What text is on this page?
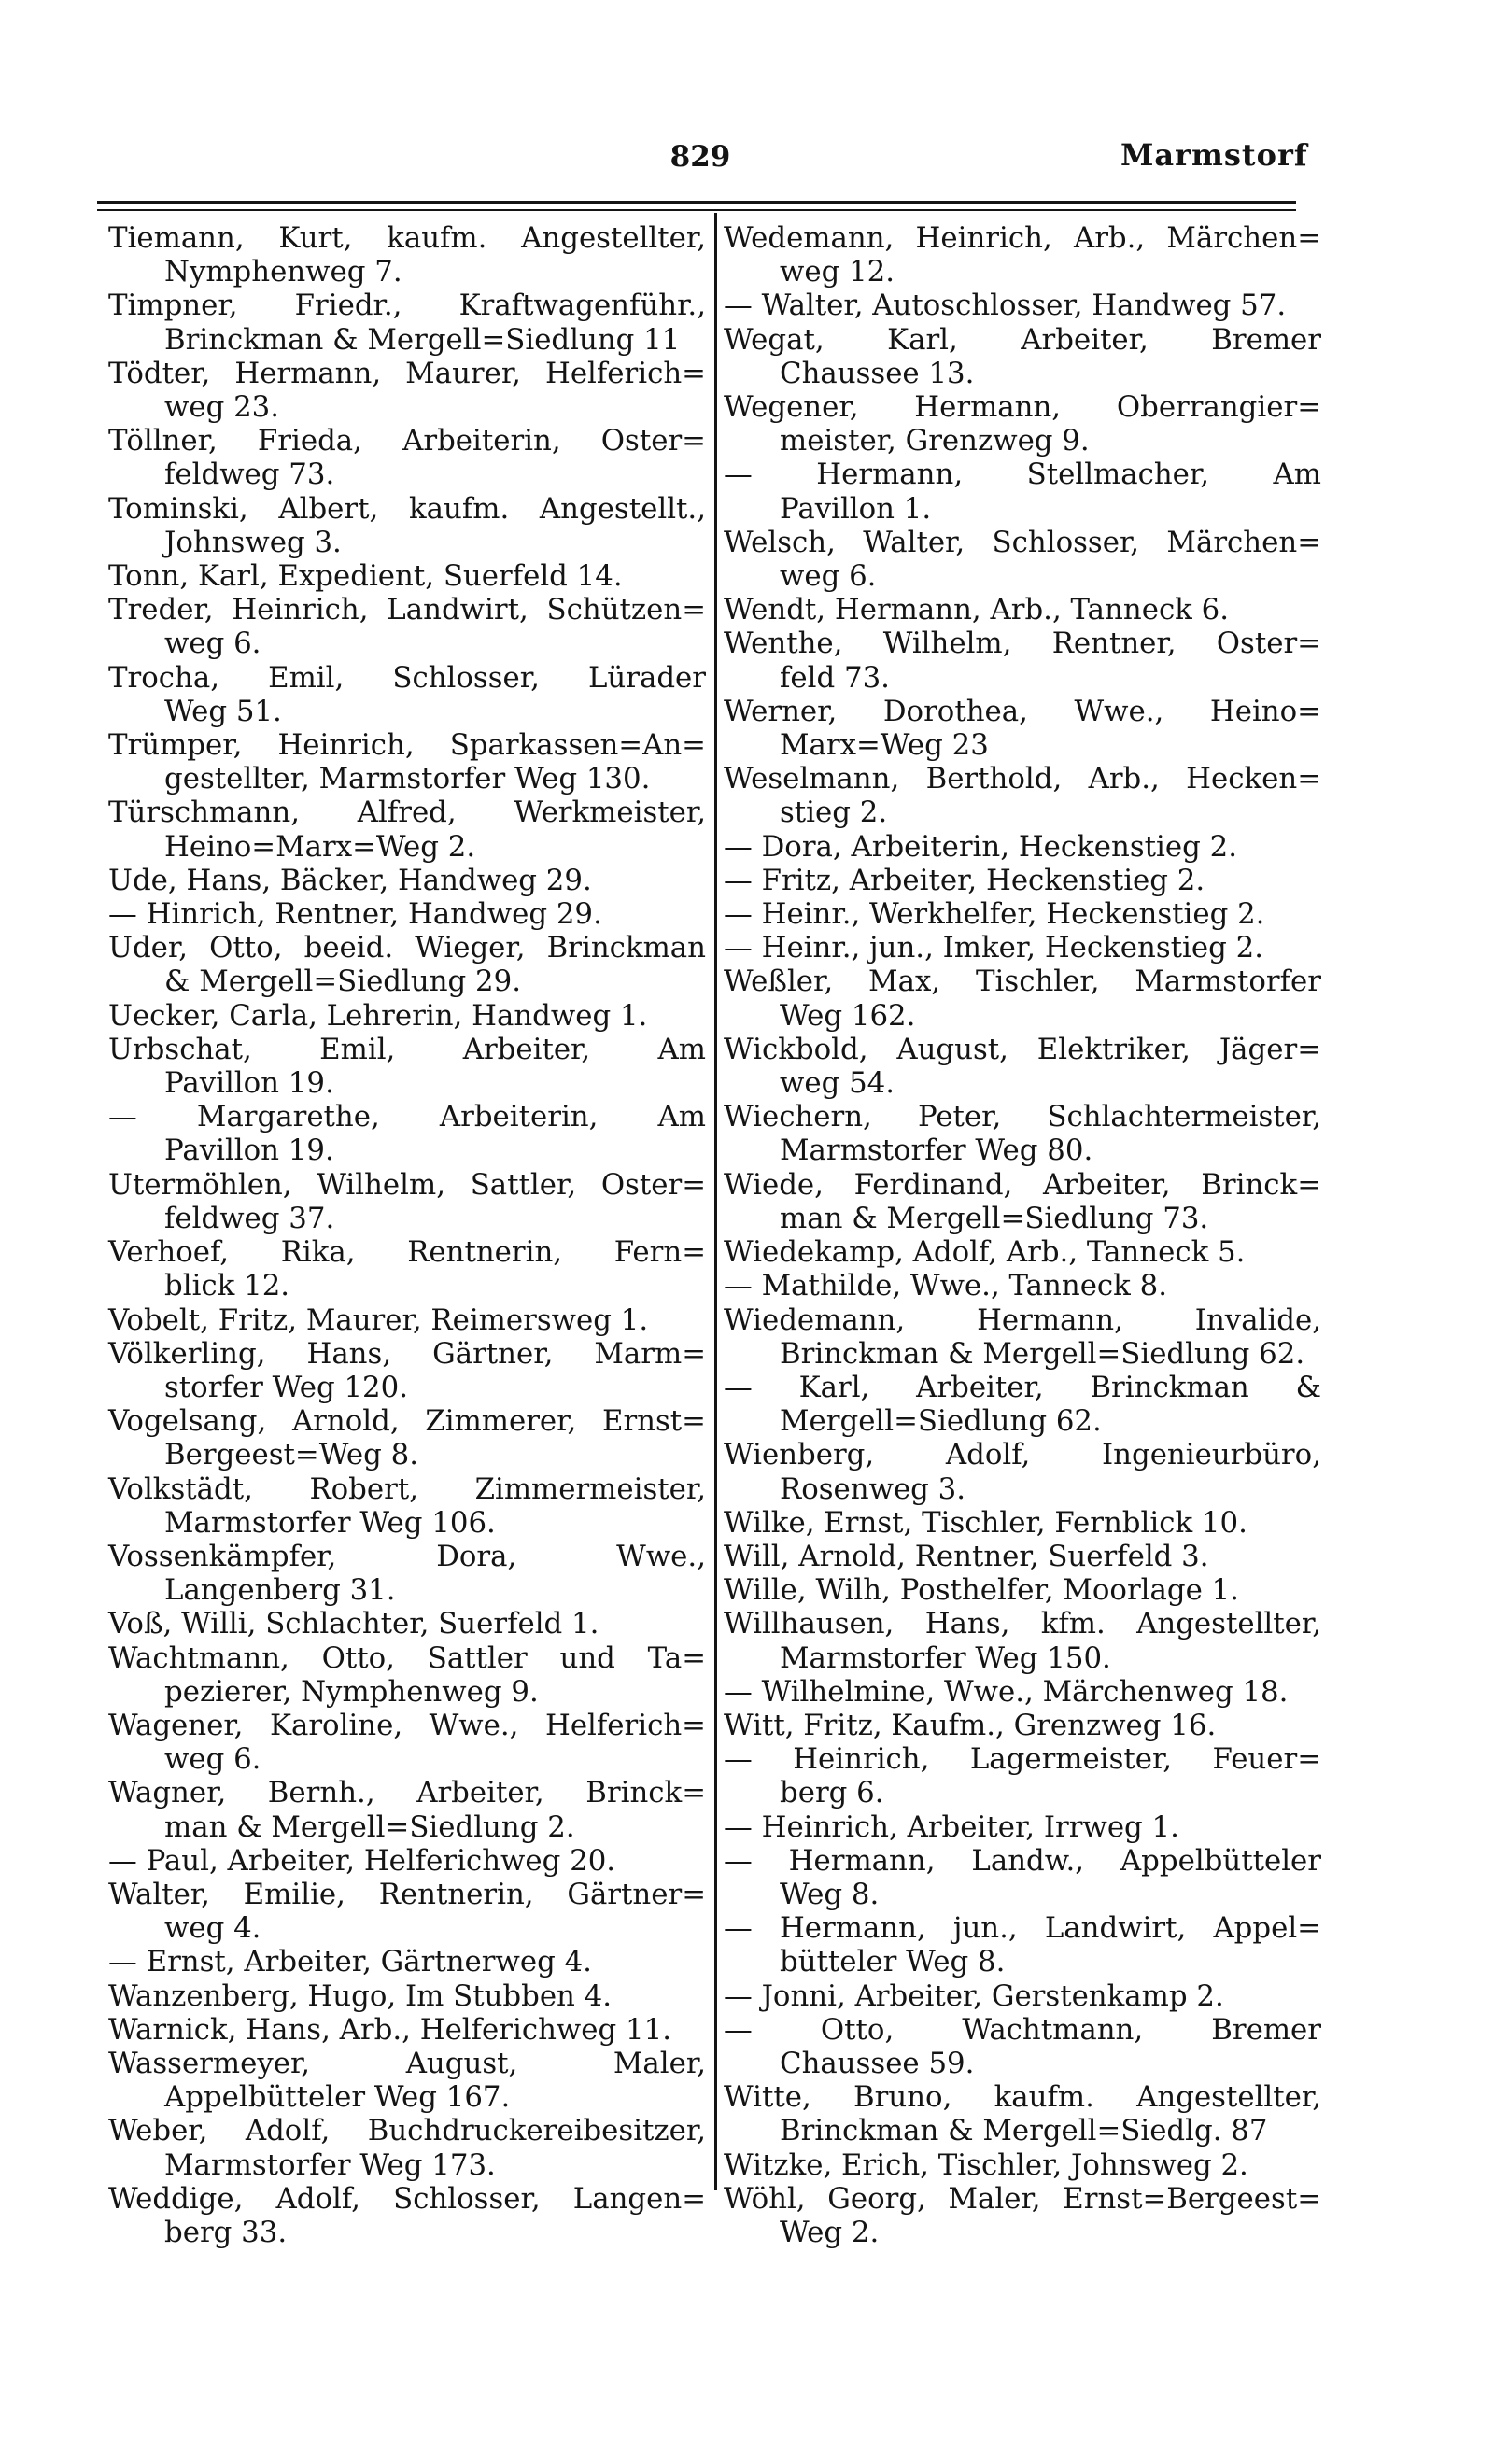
829	Marmstorf
Tiemann, Kurt, kaufm. Angestellter,
Nymphenweg 7.
Timpner, Friedr., Kraftwagenführ.,
Brinckman & Mergell=Siedlung 11
Tödter, Hermann, Maurer, Helferich=
weg 23.
Töllner, Frieda, Arbeiterin, Oster=
feldweg 73.
Tominski, Albert, kaufm. Angestellt.,
Johnsweg 3.
Tonn, Karl, Expedient, Suerfeld 14.
Treder, Heinrich, Landwirt, Schützen=
weg 6.
Trocha, Emil, Schlosser, Lürader
Weg 51.
Trümper, Heinrich, Sparkassen=An=
gestellter, Marmstorfer Weg 130.
Türschmann, Alfred, Werkmeister,
Heino=Marx=Weg 2.
Ude, Hans, Bäcker, Handweg 29.
— Hinrich, Rentner, Handweg 29.
Uder, Otto, beeid. Wieger, Brinckman
& Mergell=Siedlung 29.
Uecker, Carla, Lehrerin, Handweg 1.
Urbschat, Emil, Arbeiter, Am
Pavillon 19.
— Margarethe, Arbeiterin, Am
Pavillon 19.
Utermöhlen, Wilhelm, Sattler, Oster=
feldweg 37.
Verhoef, Rika, Rentnerin, Fern=
blick 12.
Vobelt, Fritz, Maurer, Reimersweg 1.
Völkerling, Hans, Gärtner, Marm=
storfer Weg 120.
Vogelsang, Arnold, Zimmerer, Ernst=
Bergeest=Weg 8.
Volkstädt, Robert, Zimmermeister,
Marmstorfer Weg 106.
Vossenkämpfer, Dora, Wwe.,
Langenberg 31.
Voß, Willi, Schlachter, Suerfeld 1.
Wachtmann, Otto, Sattler und Ta=
pezierer, Nymphenweg 9.
Wagener, Karoline, Wwe., Helferich=
weg 6.
Wagner, Bernh., Arbeiter, Brinck=
man & Mergell=Siedlung 2.
— Paul, Arbeiter, Helferichweg 20.
Walter, Emilie, Rentnerin, Gärtner=
weg 4.
— Ernst, Arbeiter, Gärtnerweg 4.
Wanzenberg, Hugo, Im Stubben 4.
Warnick, Hans, Arb., Helferichweg 11.
Wassermeyer, August, Maler,
Appelbütteler Weg 167.
Weber, Adolf, Buchdruckereibesitzer,
Marmstorfer Weg 173.
Weddige, Adolf, Schlosser, Langen=
berg 33.
Wedemann, Heinrich, Arb., Märchen=
weg 12.
— Walter, Autoschlosser, Handweg 57.
Wegat, Karl, Arbeiter, Bremer
Chaussee 13.
Wegener, Hermann, Oberrangier=
meister, Grenzweg 9.
— Hermann, Stellmacher, Am
Pavillon 1.
Welsch, Walter, Schlosser, Märchen=
weg 6.
Wendt, Hermann, Arb., Tanneck 6.
Wenthe, Wilhelm, Rentner, Oster=
feld 73.
Werner, Dorothea, Wwe., Heino=
Marx=Weg 23
Weselmann, Berthold, Arb., Hecken=
stieg 2.
— Dora, Arbeiterin, Heckenstieg 2.
— Fritz, Arbeiter, Heckenstieg 2.
— Heinr., Werkhelfer, Heckenstieg 2.
— Heinr., jun., Imker, Heckenstieg 2.
Weßler, Max, Tischler, Marmstorfer
Weg 162.
Wickbold, August, Elektriker, Jäger=
weg 54.
Wiechern, Peter, Schlachtermeister,
Marmstorfer Weg 80.
Wiede, Ferdinand, Arbeiter, Brinck=
man & Mergell=Siedlung 73.
Wiedekamp, Adolf, Arb., Tanneck 5.
— Mathilde, Wwe., Tanneck 8.
Wiedemann, Hermann, Invalide,
Brinckman & Mergell=Siedlung 62.
— Karl, Arbeiter, Brinckman &
Mergell=Siedlung 62.
Wienberg, Adolf, Ingenieurbüro,
Rosenweg 3.
Wilke, Ernst, Tischler, Fernblick 10.
Will, Arnold, Rentner, Suerfeld 3.
Wille, Wilh, Posthelfer, Moorlage 1.
Willhausen, Hans, kfm. Angestellter,
Marmstorfer Weg 150.
— Wilhelmine, Wwe., Märchenweg 18.
Witt, Fritz, Kaufm., Grenzweg 16.
— Heinrich, Lagermeister, Feuer=
berg 6.
— Heinrich, Arbeiter, Irrweg 1.
— Hermann, Landw., Appelbütteler
Weg 8.
— Hermann, jun., Landwirt, Appel=
bütteler Weg 8.
— Jonni, Arbeiter, Gerstenkamp 2.
— Otto, Wachtmann, Bremer
Chaussee 59.
Witte, Bruno, kaufm. Angestellter,
Brinckman & Mergell=Siedlg. 87
Witzke, Erich, Tischler, Johnsweg 2.
Wöhl, Georg, Maler, Ernst=Bergeest=
Weg 2.
